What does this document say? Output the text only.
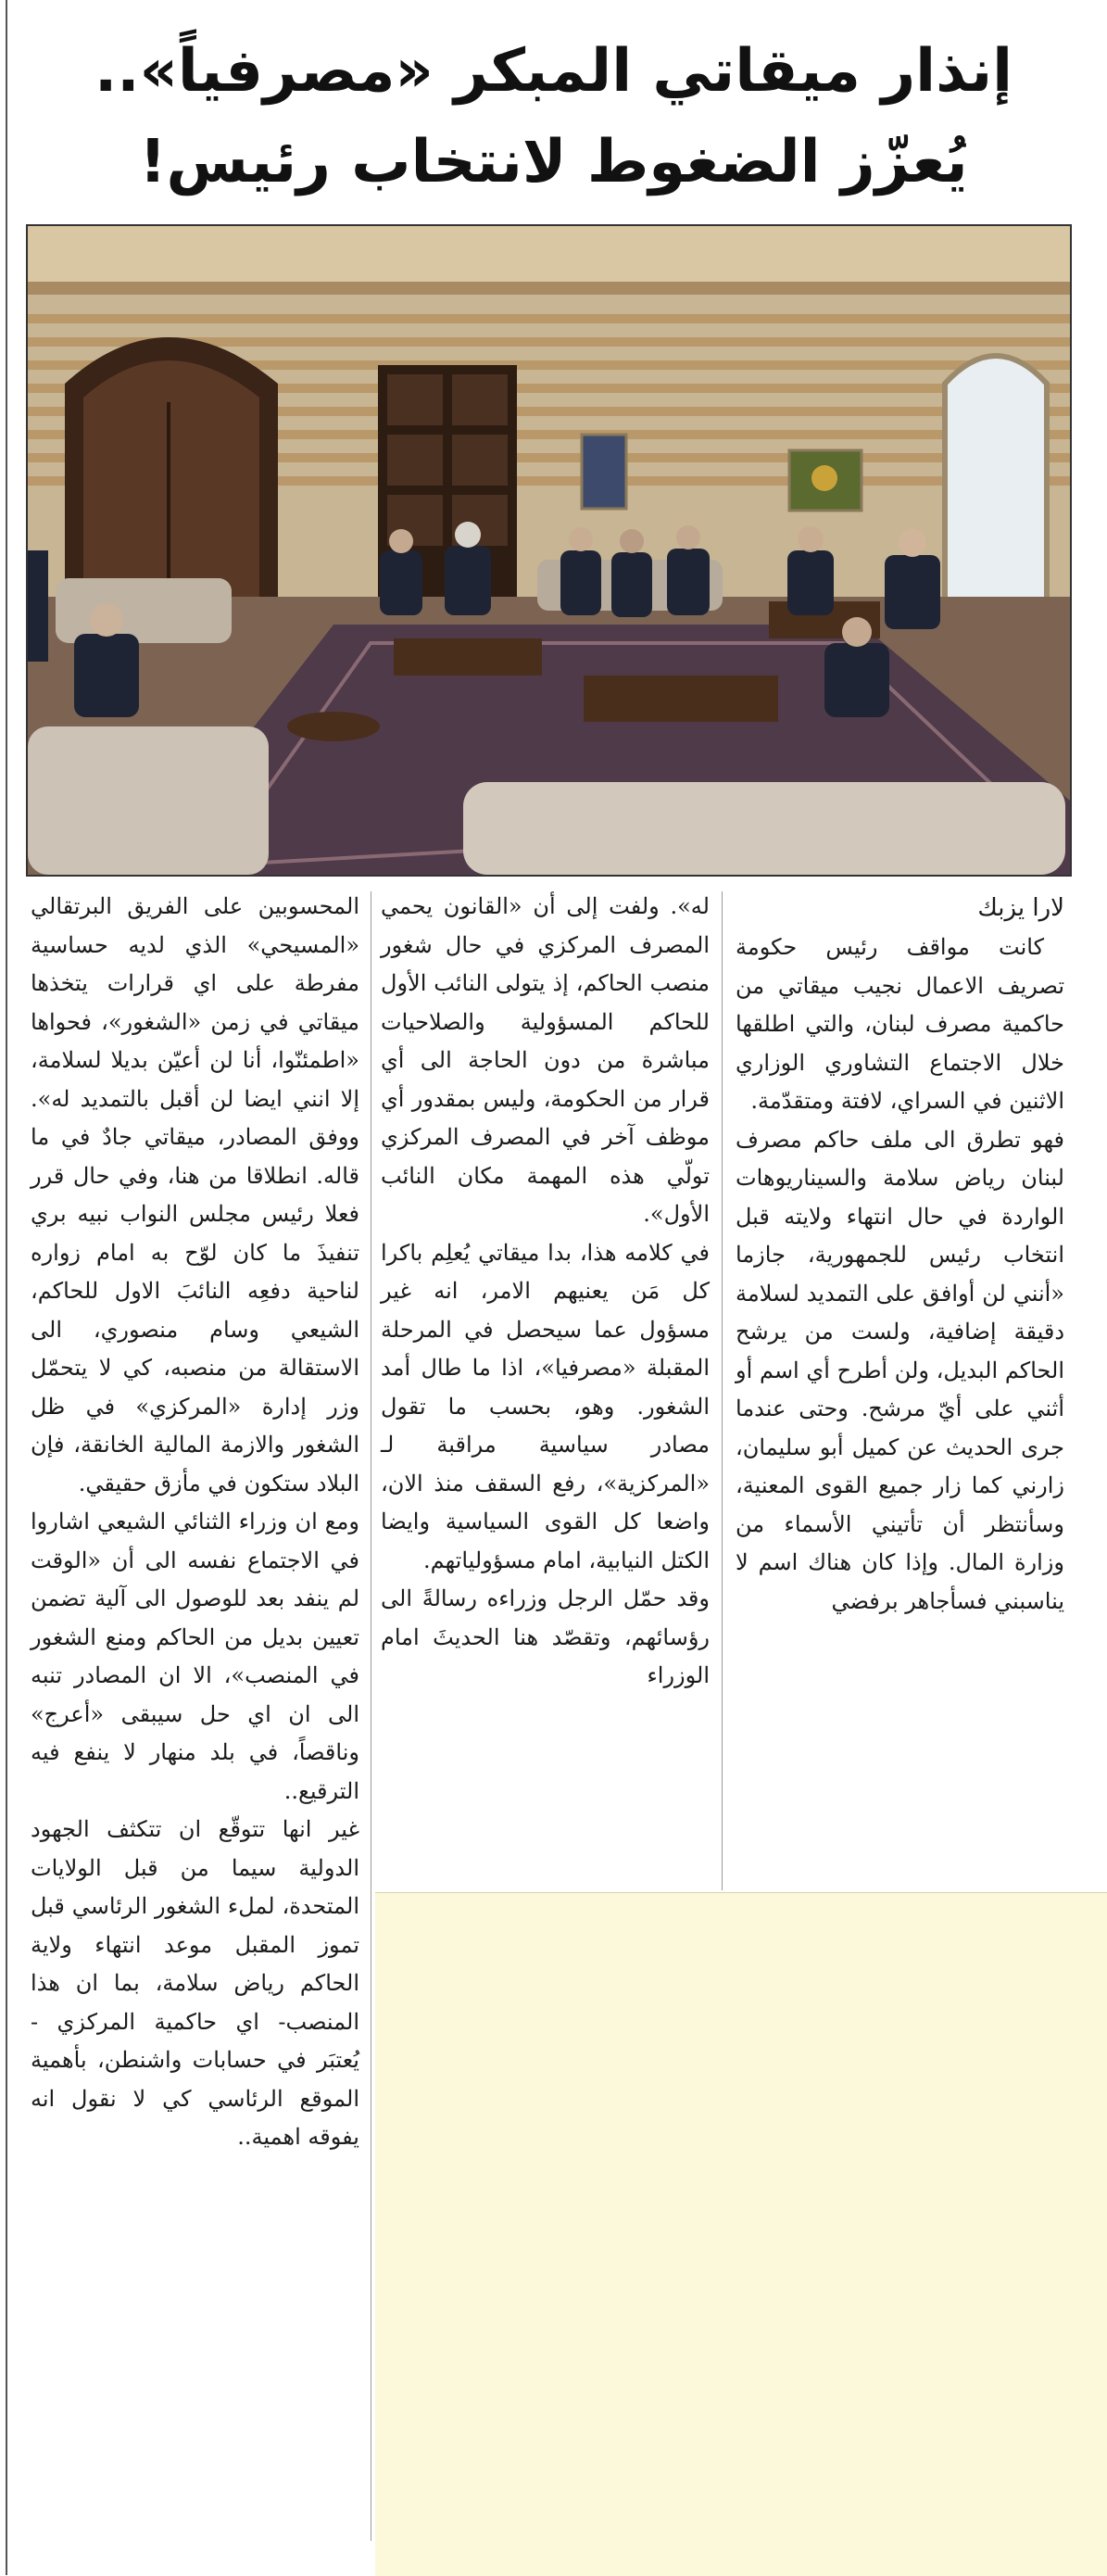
إنذار ميقاتي المبكر «مصرفياً»..
يُعزّز الضغوط لانتخاب رئيس!

لارا يزبك

كانت مواقف رئيس حكومة تصريف الاعمال نجيب ميقاتي من حاكمية مصرف لبنان، والتي اطلقها خلال الاجتماع التشاوري الوزاري الاثنين في السراي، لافتة ومتقدّمة.

فهو تطرق الى ملف حاكم مصرف لبنان رياض سلامة والسيناريوهات الواردة في حال انتهاء ولايته قبل انتخاب رئيس للجمهورية، جازما «أنني لن أوافق على التمديد لسلامة دقيقة إضافية، ولست من يرشح الحاكم البديل، ولن أطرح أي اسم أو أثني على أيّ مرشح. وحتى عندما جرى الحديث عن كميل أبو سليمان، زارني كما زار جميع القوى المعنية، وسأنتظر أن تأتيني الأسماء من وزارة المال. وإذا كان هناك اسم لا يناسبني فسأجاهر برفضي

له». ولفت إلى أن «القانون يحمي المصرف المركزي في حال شغور منصب الحاكم، إذ يتولى النائب الأول للحاكم المسؤولية والصلاحيات مباشرة من دون الحاجة الى أي قرار من الحكومة، وليس بمقدور أي موظف آخر في المصرف المركزي تولّي هذه المهمة مكان النائب الأول».

في كلامه هذا، بدا ميقاتي يُعلِم باكرا كل مَن يعنيهم الامر، انه غير مسؤول عما سيحصل في المرحلة المقبلة «مصرفيا»، اذا ما طال أمد الشغور. وهو، بحسب ما تقول مصادر سياسية مراقبة لـ «المركزية»، رفع السقف منذ الان، واضعا كل القوى السياسية وايضا الكتل النيابية، امام مسؤولياتهم.

وقد حمّل الرجل وزراءه رسالةً الى رؤسائهم، وتقصّد هنا الحديثَ امام الوزراء

المحسوبين على الفريق البرتقالي «المسيحي» الذي لديه حساسية مفرطة على اي قرارات يتخذها ميقاتي في زمن «الشغور»، فحواها «اطمئنّوا، أنا لن أعيّن بديلا لسلامة، إلا انني ايضا لن أقبل بالتمديد له». ووفق المصادر، ميقاتي جادٌ في ما قاله. انطلاقا من هنا، وفي حال قرر فعلا رئيس مجلس النواب نبيه بري تنفيذَ ما كان لوّح به امام زواره لناحية دفعِه النائبَ الاول للحاكم، الشيعي وسام منصوري، الى الاستقالة من منصبه، كي لا يتحمّل وزر إدارة «المركزي» في ظل الشغور والازمة المالية الخانقة، فإن البلاد ستكون في مأزق حقيقي.

ومع ان وزراء الثنائي الشيعي اشاروا في الاجتماع نفسه الى أن «الوقت لم ينفد بعد للوصول الى آلية تضمن تعيين بديل من الحاكم ومنع الشغور في المنصب»، الا ان المصادر تنبه الى ان اي حل سيبقى «أعرج» وناقصاً، في بلد منهار لا ينفع فيه الترقيع..

غير انها تتوقّع ان تتكثف الجهود الدولية سيما من قبل الولايات المتحدة، لملء الشغور الرئاسي قبل تموز المقبل موعد انتهاء ولاية الحاكم رياض سلامة، بما ان هذا المنصب- اي حاكمية المركزي - يُعتبَر في حسابات واشنطن، بأهمية الموقع الرئاسي كي لا نقول انه يفوقه اهمية..
